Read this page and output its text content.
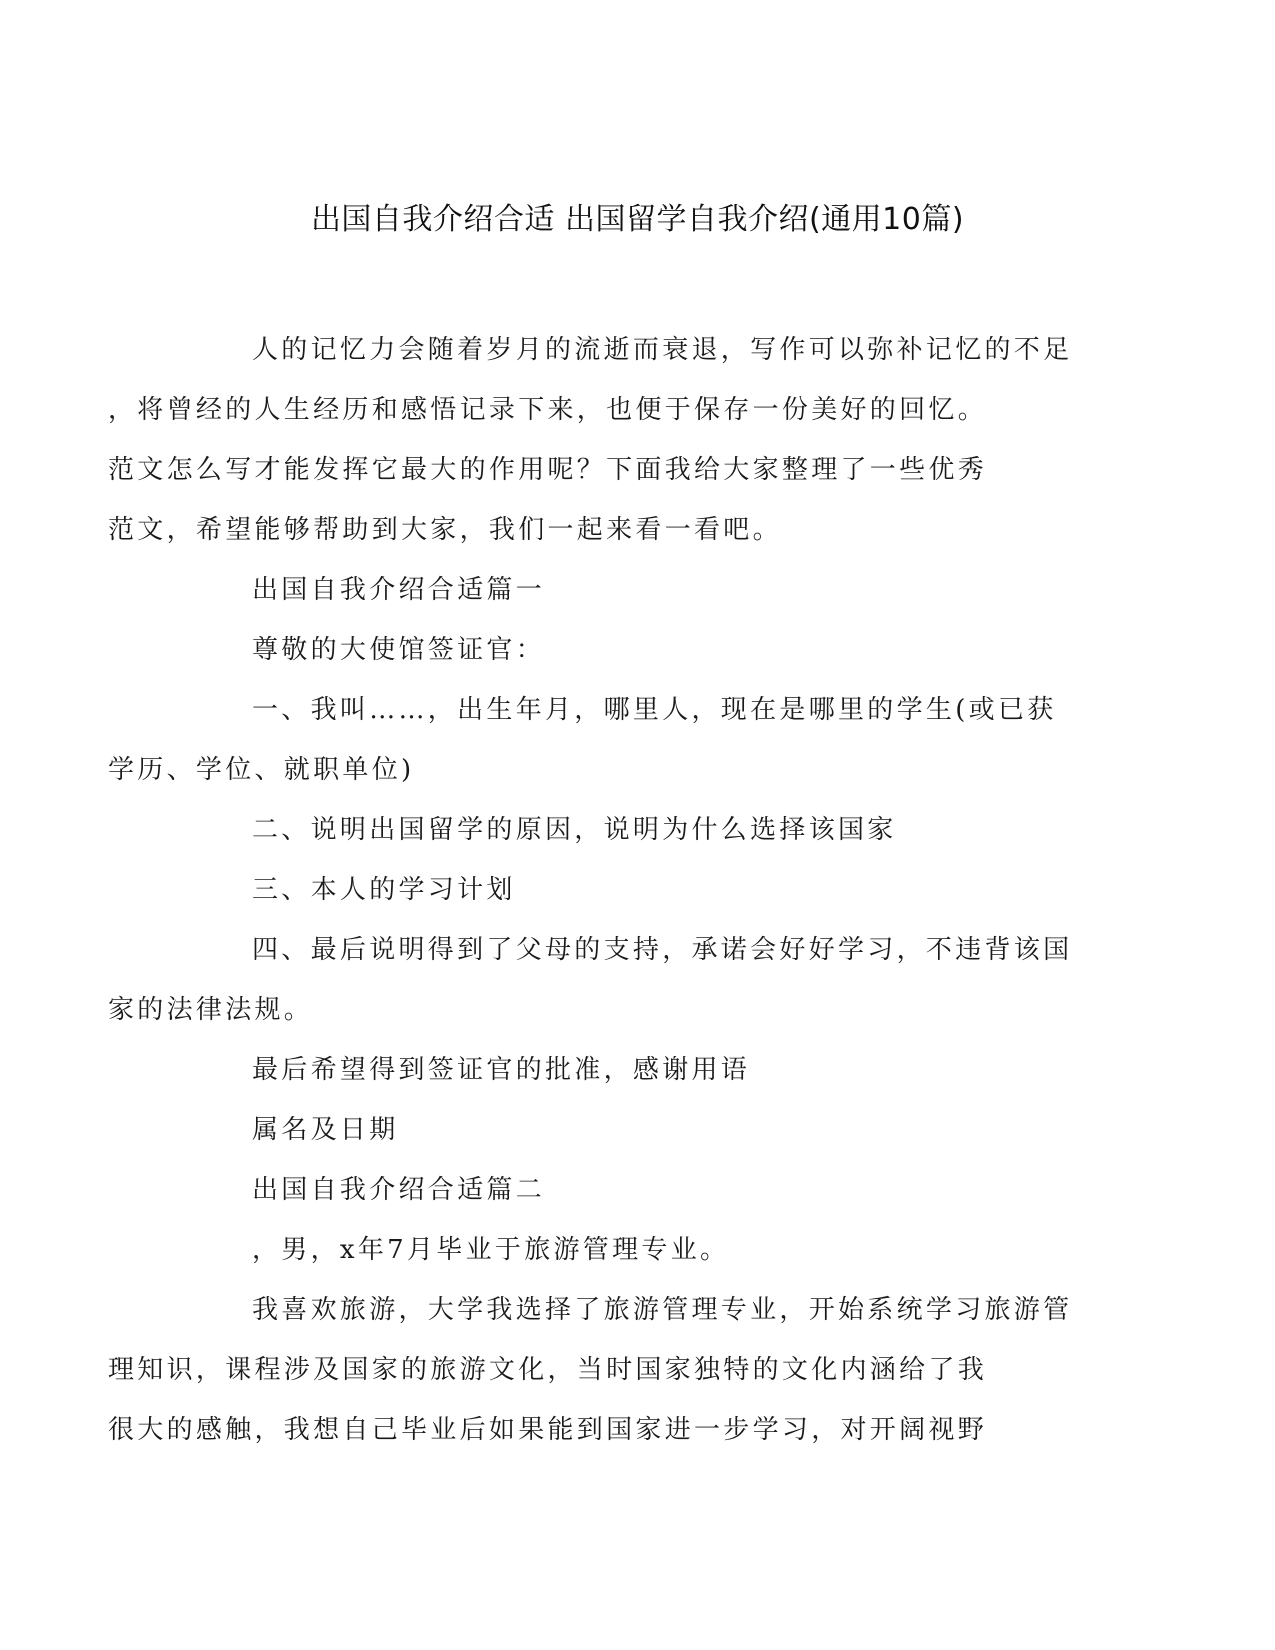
出国自我介绍合适 出国留学自我介绍(通用10篇)

人的记忆力会随着岁月的流逝而衰退，写作可以弥补记忆的不足
，将曾经的人生经历和感悟记录下来，也便于保存一份美好的回忆。
范文怎么写才能发挥它最大的作用呢？下面我给大家整理了一些优秀
范文，希望能够帮助到大家，我们一起来看一看吧。

出国自我介绍合适篇一

尊敬的大使馆签证官：

一、我叫……，出生年月，哪里人，现在是哪里的学生(或已获
学历、学位、就职单位)

二、说明出国留学的原因，说明为什么选择该国家

三、本人的学习计划

四、最后说明得到了父母的支持，承诺会好好学习，不违背该国
家的法律法规。

最后希望得到签证官的批准，感谢用语

属名及日期

出国自我介绍合适篇二

，男，x年7月毕业于旅游管理专业。

我喜欢旅游，大学我选择了旅游管理专业，开始系统学习旅游管
理知识，课程涉及国家的旅游文化，当时国家独特的文化内涵给了我
很大的感触，我想自己毕业后如果能到国家进一步学习，对开阔视野
